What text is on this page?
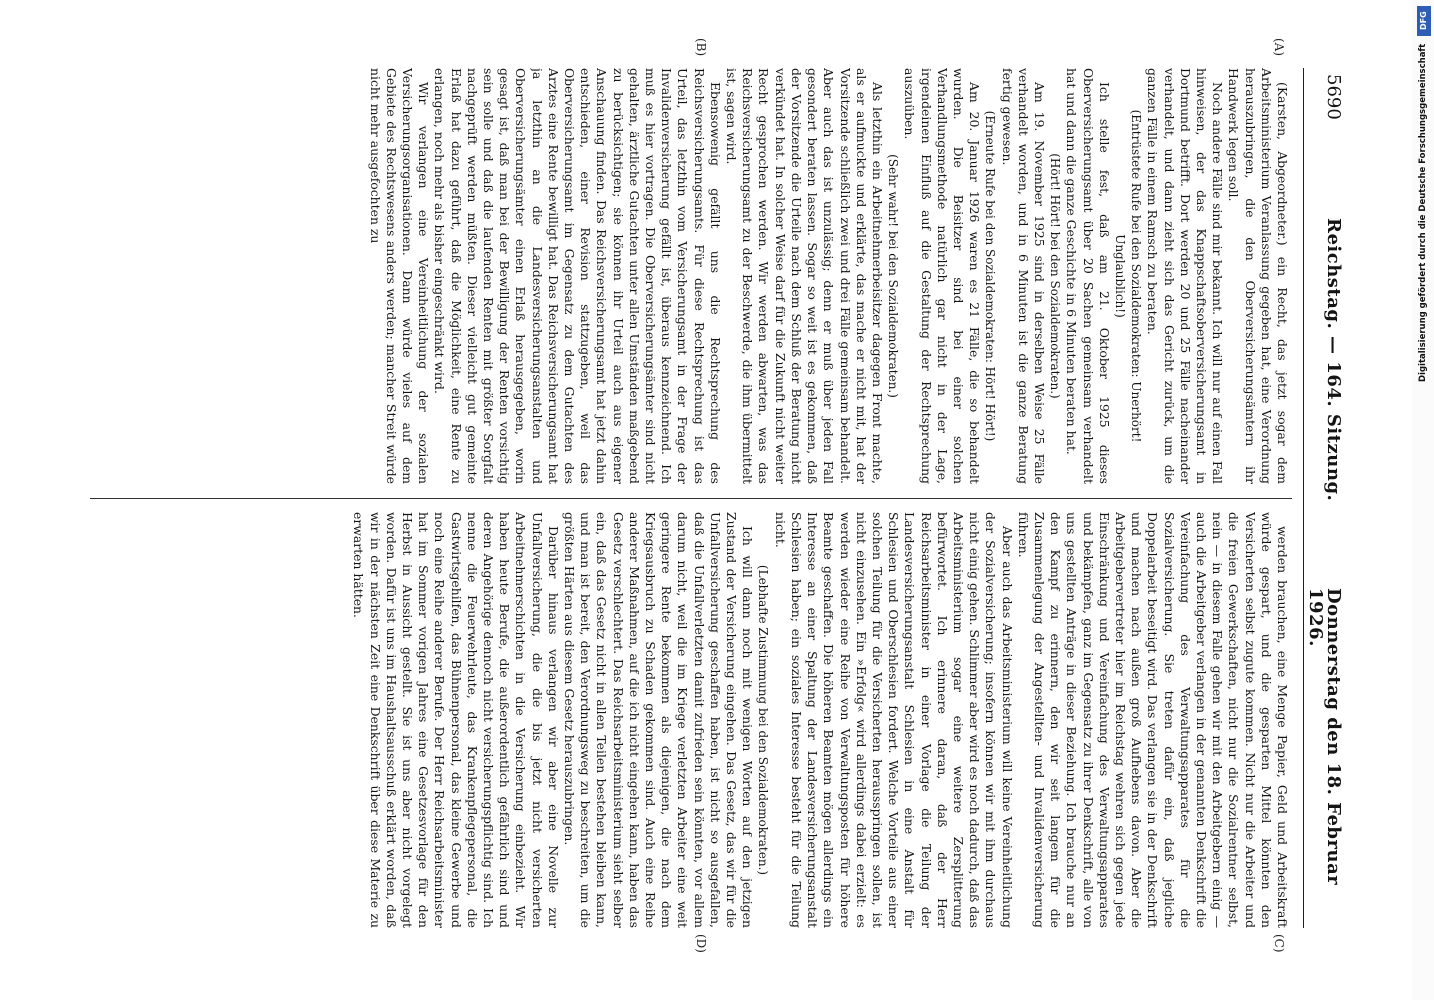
5690
Reichstag. — 164. Sitzung.
Donnerstag den 18. Februar 1926.
(A)
(B)
(C)
(D)

(Karsten, Abgeordneter.) ein Recht, das jetzt sogar dem Arbeitsministerium Veranlassung gegeben hat, eine Verordnung herauszubringen, die den Oberversicherungsämtern ihr Handwerk legen soll.

Noch andere Fälle sind mir bekannt. Ich will nur auf einen Fall hinweisen, der das Knappschaftsoberversicherungsamt in Dortmund betrifft. Dort werden 20 und 25 Fälle nacheinander verhandelt, und dann zieht sich das Gericht zurück, um die ganzen Fälle in einem Ramsch zu beraten.

(Entrüstete Rufe bei den Sozialdemokraten: Unerhört! Unglaublich!)

Ich stelle fest, daß am 21. Oktober 1925 dieses Oberversicherungsamt über 20 Sachen gemeinsam verhandelt hat und dann die ganze Geschichte in 6 Minuten beraten hat.

(Hört! Hört! bei den Sozialdemokraten.)

Am 19. November 1925 sind in derselben Weise 25 Fälle verhandelt worden, und in 6 Minuten ist die ganze Beratung fertig gewesen.

(Erneute Rufe bei den Sozialdemokraten: Hört! Hört!)

Am 20. Januar 1926 waren es 21 Fälle, die so behandelt wurden. Die Beisitzer sind bei einer solchen Verhandlungsmethode natürlich gar nicht in der Lage, irgendeinen Einfluß auf die Gestaltung der Rechtsprechung auszuüben.

(Sehr wahr! bei den Sozialdemokraten.)

Als letzthin ein Arbeitnehmerbeisitzer dagegen Front machte, als er aufmuckte und erklärte, das mache er nicht mit, hat der Vorsitzende schließlich zwei und drei Fälle gemeinsam behandelt. Aber auch das ist unzulässig; denn er muß über jeden Fall gesondert beraten lassen. Sogar so weit ist es gekommen, daß der Vorsitzende die Urteile nach dem Schluß der Beratung nicht verkündet hat. In solcher Weise darf für die Zukunft nicht weiter Recht gesprochen werden. Wir werden abwarten, was das Reichsversicherungsamt zu der Beschwerde, die ihm übermittelt ist, sagen wird.

Ebensowenig gefällt uns die Rechtsprechung des Reichsversicherungsamts. Für diese Rechtsprechung ist das Urteil, das letzthin vom Versicherungsamt in der Frage der Invalidenversicherung gefällt ist, überaus kennzeichnend. Ich muß es hier vortragen. Die Oberversicherungsämter sind nicht gehalten, ärztliche Gutachten unter allen Umständen maßgebend zu berücksichtigen; sie können ihr Urteil auch aus eigener Anschauung finden. Das Reichsversicherungsamt hat jetzt dahin entschieden, einer Revision stattzugeben, weil das Oberversicherungsamt im Gegensatz zu dem Gutachten des Arztes eine Rente bewilligt hat. Das Reichsversicherungsamt hat ja letzthin an die Landesversicherungsanstalten und Oberversicherungsämter einen Erlaß herausgegeben, worin gesagt ist, daß man bei der Bewilligung der Renten vorsichtig sein solle und daß die laufenden Renten mit größter Sorgfalt nachgeprüft werden müßten. Dieser vielleicht gut gemeinte Erlaß hat dazu geführt, daß die Möglichkeit, eine Rente zu erlangen, noch mehr als bisher eingeschränkt wird.

Wir verlangen eine Vereinheitlichung der sozialen Versicherungsorganisationen. Dann würde vieles auf dem Gebiete des Rechtswesens anders werden; mancher Streit würde nicht mehr ausgefochten zu

werden brauchen, eine Menge Papier, Geld und Arbeitskraft würde gespart, und die gesparten Mittel könnten den Versicherten selbst zugute kommen. Nicht nur die Arbeiter und die freien Gewerkschaften, nicht nur die Sozialrentner selbst, nein — in diesem Falle gehen wir mit den Arbeitgebern einig — auch die Arbeitgeber verlangen in der genannten Denkschrift die Vereinfachung des Verwaltungsapparates für die Sozialversicherung. Sie treten dafür ein, daß jegliche Doppelarbeit beseitigt wird. Das verlangen sie in der Denkschrift und machen nach außen groß Aufhebens davon. Aber die Arbeitgebervertreter hier im Reichstag wehren sich gegen jede Einschränkung und Vereinfachung des Verwaltungsapparates und bekämpfen, ganz im Gegensatz zu ihrer Denkschrift, alle von uns gestellten Anträge in dieser Beziehung. Ich brauche nur an den Kampf zu erinnern, den wir seit langem für die Zusammenlegung der Angestellten- und Invalidenversicherung führen.

Aber auch das Arbeitsministerium will keine Vereinheitlichung der Sozialversicherung; insofern können wir mit ihm durchaus nicht einig gehen. Schlimmer aber wird es noch dadurch, daß das Arbeitsministerium sogar eine weitere Zersplitterung befürwortet. Ich erinnere daran, daß der Herr Reichsarbeitsminister in einer Vorlage die Teilung der Landesversicherungsanstalt Schlesien in eine Anstalt für Schlesien und Oberschlesien fordert. Welche Vorteile aus einer solchen Teilung für die Versicherten herausspringen sollen, ist nicht einzusehen. Ein »Erfolg« wird allerdings dabei erzielt: es werden wieder eine Reihe von Verwaltungsposten für höhere Beamte geschaffen. Die höheren Beamten mögen allerdings ein Interesse an einer Spaltung der Landesversicherungsanstalt Schlesien haben; ein soziales Interesse besteht für die Teilung nicht.

(Lebhafte Zustimmung bei den Sozialdemokraten.)

Ich will dann noch mit wenigen Worten auf den jetzigen Zustand der Versicherung eingehen. Das Gesetz, das wir für die Unfallversicherung geschaffen haben, ist nicht so ausgefallen, daß die Unfallverletzten damit zufrieden sein könnten, vor allem darum nicht, weil die im Kriege verletzten Arbeiter eine weit geringere Rente bekommen als diejenigen, die nach dem Kriegsausbruch zu Schaden gekommen sind. Auch eine Reihe anderer Maßnahmen, auf die ich nicht eingehen kann, haben das Gesetz verschlechtert. Das Reichsarbeitsministerium sieht selber ein, daß das Gesetz nicht in allen Teilen bestehen bleiben kann, und man ist bereit, den Verordnungsweg zu beschreiten, um die größten Härten aus diesem Gesetz herauszubringen.

Darüber hinaus verlangen wir aber eine Novelle zur Unfallversicherung, die die bis jetzt nicht versicherten Arbeitnehmerschichten in die Versicherung einbezieht. Wir haben heute Berufe, die außerordentlich gefährlich sind und deren Angehörige dennoch nicht versicherungspflichtig sind. Ich nenne die Feuerwehrleute, das Krankenpflegepersonal, die Gastwirtsgehilfen, das Bühnenpersonal, das kleine Gewerbe und noch eine Reihe anderer Berufe. Der Herr Reichsarbeitsminister hat im Sommer vorigen Jahres eine Gesetzesvorlage für den Herbst in Aussicht gestellt. Sie ist uns aber nicht vorgelegt worden. Dafür ist uns im Haushaltsausschuß erklärt worden, daß wir in der nächsten Zeit eine Denkschrift über diese Materie zu erwarten hätten.

DFG
Digitalisierung gefördert durch die Deutsche Forschungsgemeinschaft
